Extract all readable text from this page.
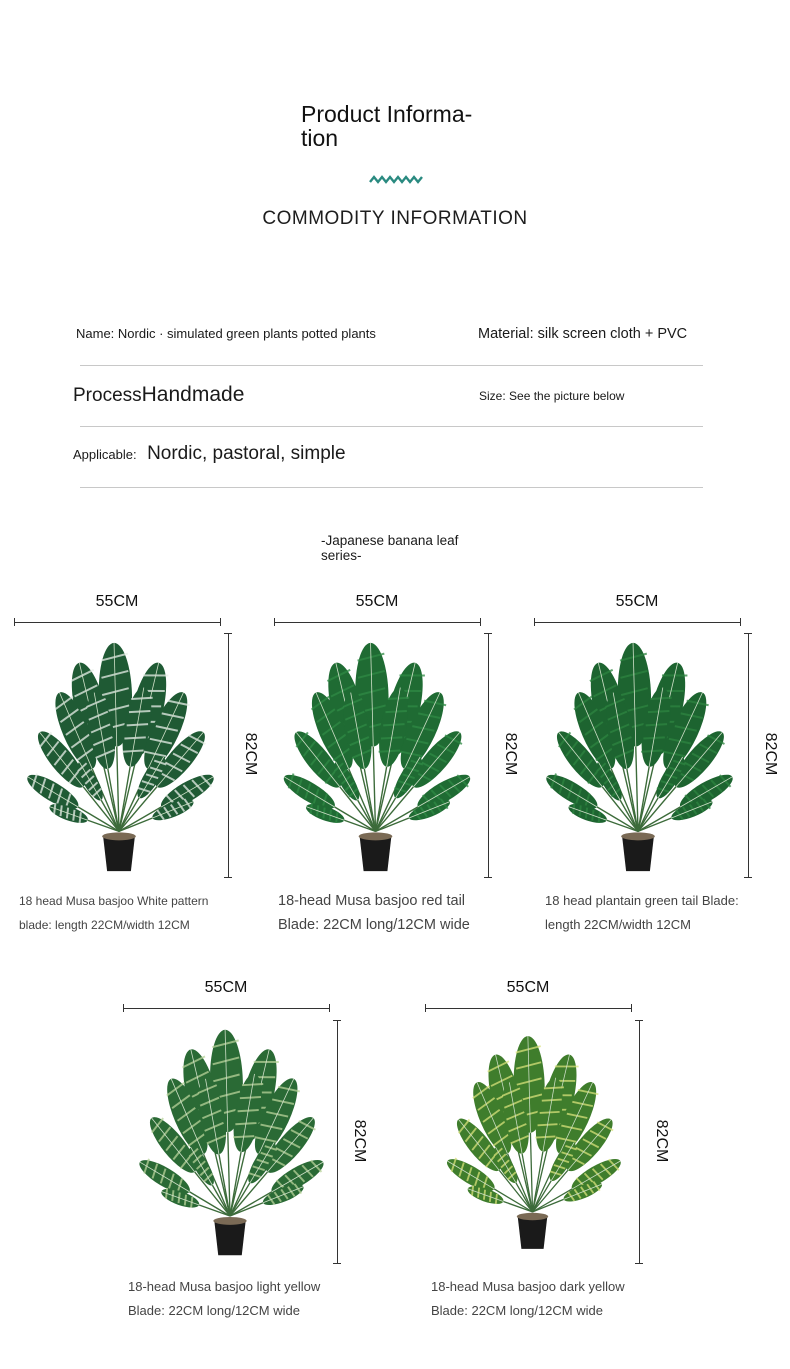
Product Informa-
tion
COMMODITY INFORMATION
Name: Nordic · simulated green plants potted plants	Material: silk screen cloth + PVC
ProcessHandmade	Size: See the picture below
Applicable: Nordic, pastoral, simple
-Japanese banana leaf
series-
55CM
82CM
18 head Musa basjoo White pattern
blade: length 22CM/width 12CM
55CM
82CM
18-head Musa basjoo red tail
Blade: 22CM long/12CM wide
55CM
82CM
18 head plantain green tail Blade:
length 22CM/width 12CM
55CM
82CM
18-head Musa basjoo light yellow
Blade: 22CM long/12CM wide
55CM
82CM
18-head Musa basjoo dark yellow
Blade: 22CM long/12CM wide
